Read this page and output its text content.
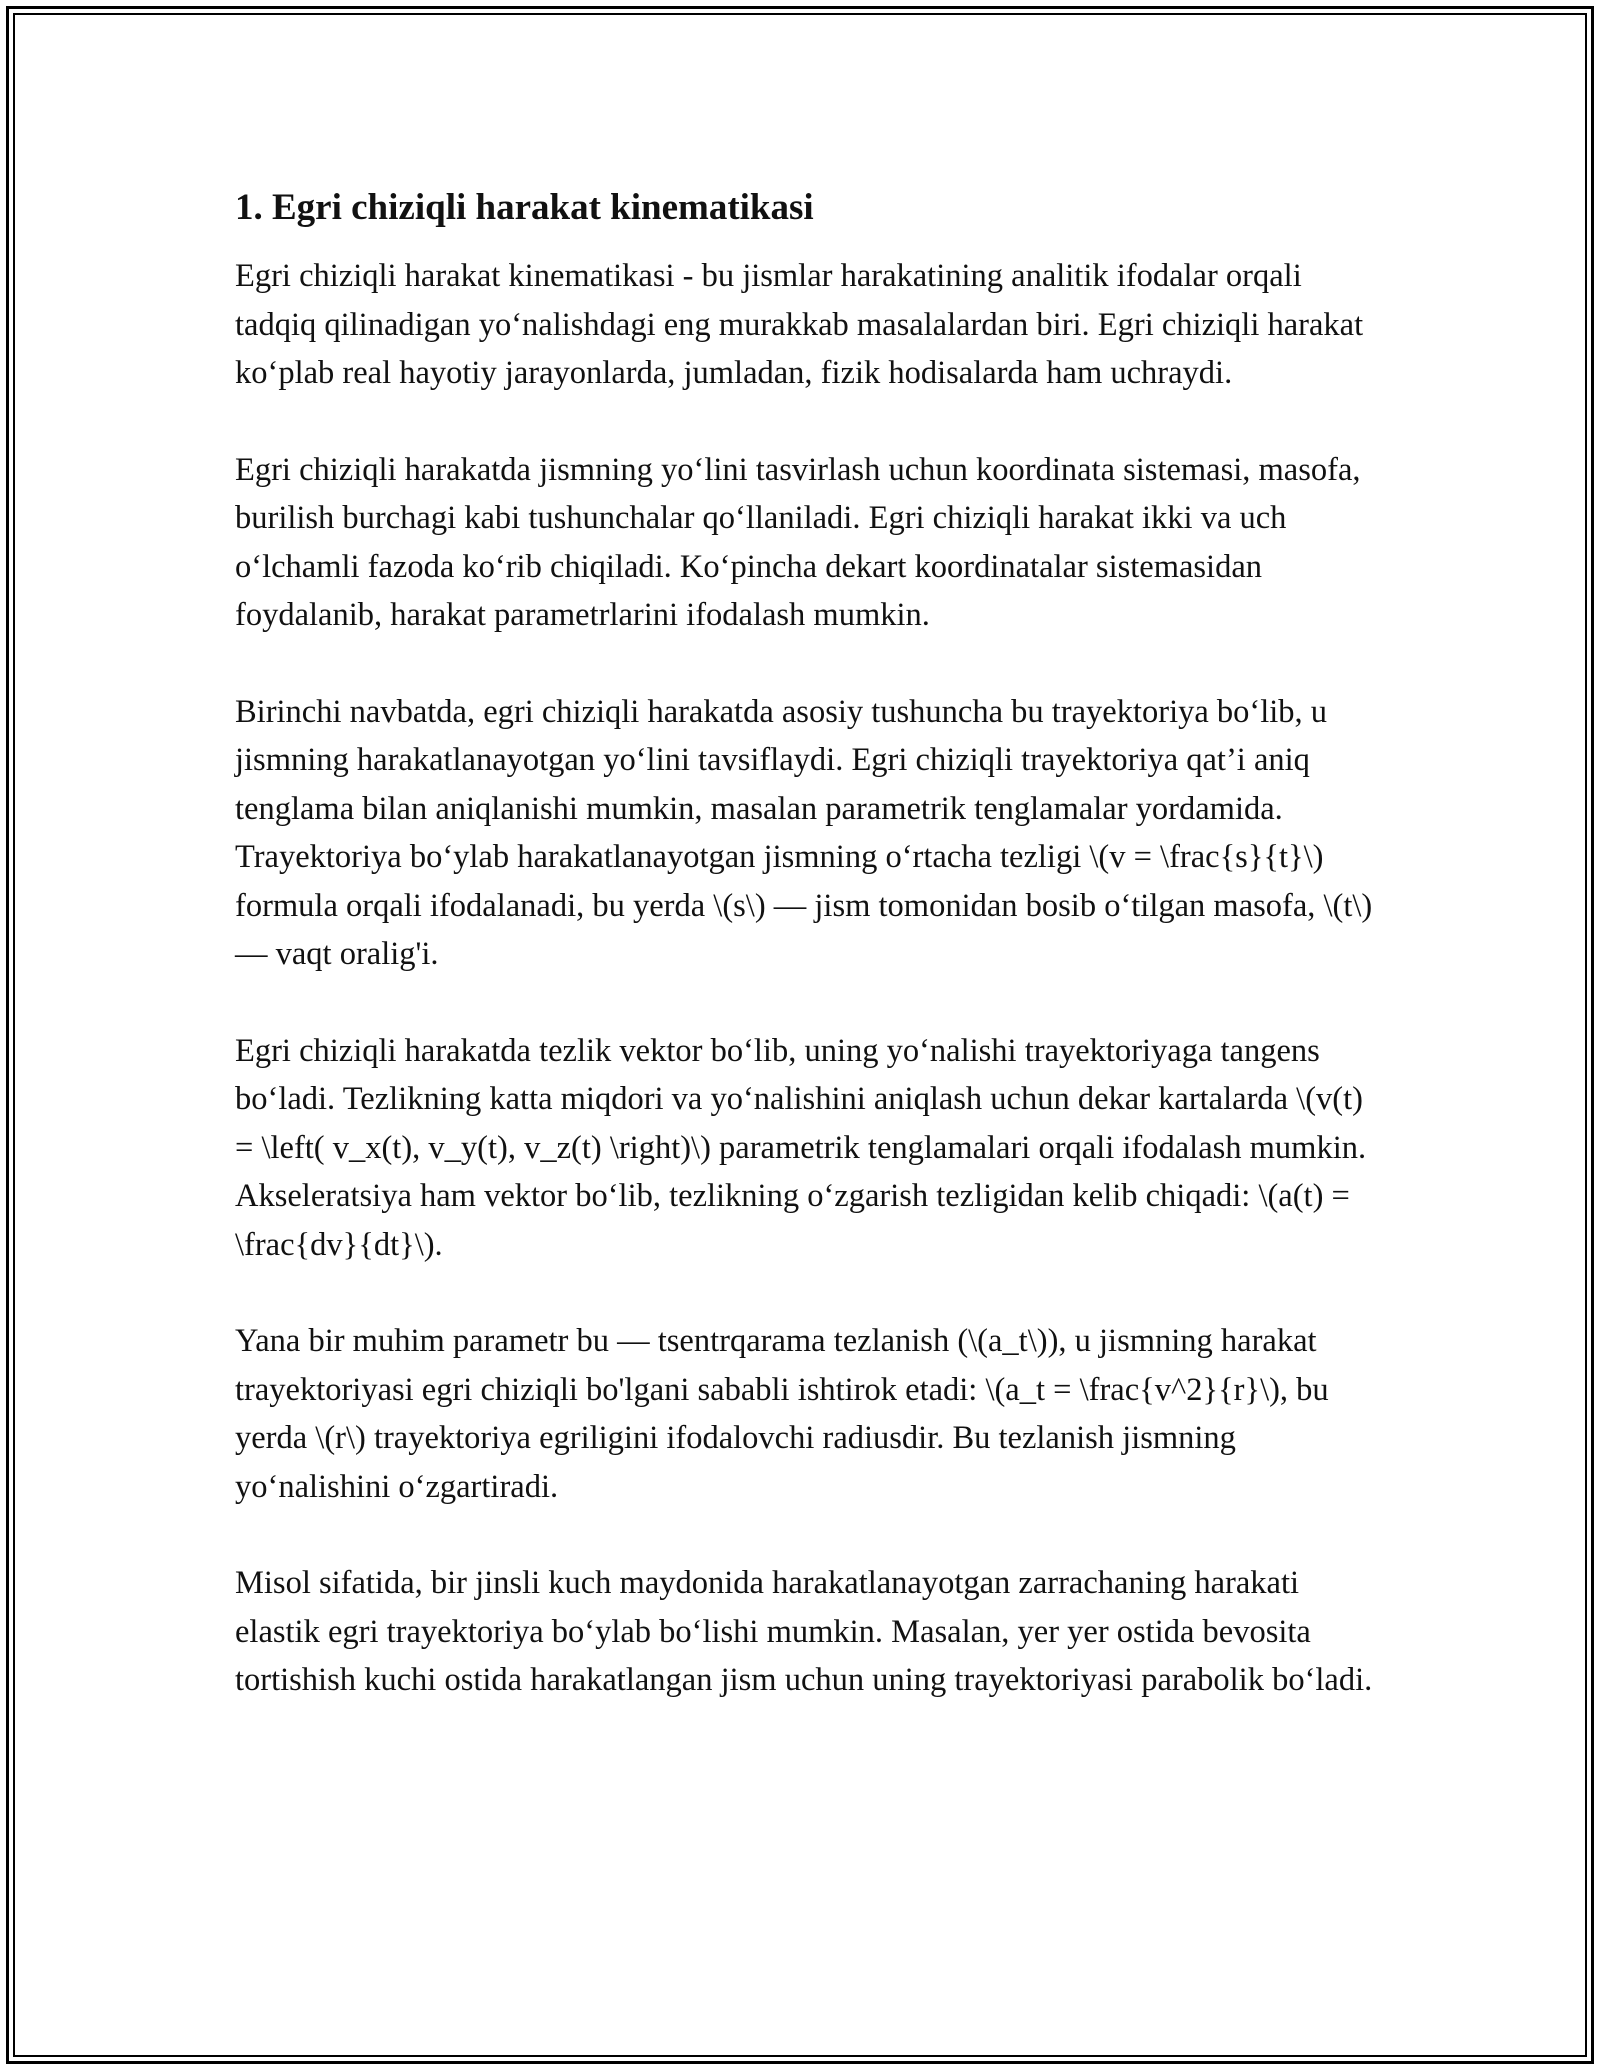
1. Egri chiziqli harakat kinematikasi

Egri chiziqli harakat kinematikasi - bu jismlar harakatining analitik ifodalar orqali tadqiq qilinadigan yo‘nalishdagi eng murakkab masalalardan biri. Egri chiziqli harakat ko‘plab real hayotiy jarayonlarda, jumladan, fizik hodisalarda ham uchraydi.

Egri chiziqli harakatda jismning yo‘lini tasvirlash uchun koordinata sistemasi, masofa, burilish burchagi kabi tushunchalar qo‘llaniladi. Egri chiziqli harakat ikki va uch o‘lchamli fazoda ko‘rib chiqiladi. Ko‘pincha dekart koordinatalar sistemasidan foydalanib, harakat parametrlarini ifodalash mumkin.

Birinchi navbatda, egri chiziqli harakatda asosiy tushuncha bu trayektoriya bo‘lib, u jismning harakatlanayotgan yo‘lini tavsiflaydi. Egri chiziqli trayektoriya qat’i aniq tenglama bilan aniqlanishi mumkin, masalan parametrik tenglamalar yordamida. Trayektoriya bo‘ylab harakatlanayotgan jismning o‘rtacha tezligi \(v = \frac{s}{t}\) formula orqali ifodalanadi, bu yerda \(s\) — jism tomonidan bosib o‘tilgan masofa, \(t\) — vaqt oralig'i.

Egri chiziqli harakatda tezlik vektor bo‘lib, uning yo‘nalishi trayektoriyaga tangens bo‘ladi. Tezlikning katta miqdori va yo‘nalishini aniqlash uchun dekar kartalarda \(v(t) = \left( v_x(t), v_y(t), v_z(t) \right)\) parametrik tenglamalari orqali ifodalash mumkin. Akseleratsiya ham vektor bo‘lib, tezlikning o‘zgarish tezligidan kelib chiqadi: \(a(t) = \frac{dv}{dt}\).

Yana bir muhim parametr bu — tsentrqarama tezlanish (\(a_t\)), u jismning harakat trayektoriyasi egri chiziqli bo'lgani sababli ishtirok etadi: \(a_t = \frac{v^2}{r}\), bu yerda \(r\) trayektoriya egriligini ifodalovchi radiusdir. Bu tezlanish jismning yo‘nalishini o‘zgartiradi.

Misol sifatida, bir jinsli kuch maydonida harakatlanayotgan zarrachaning harakati elastik egri trayektoriya bo‘ylab bo‘lishi mumkin. Masalan, yer yer ostida bevosita tortishish kuchi ostida harakatlangan jism uchun uning trayektoriyasi parabolik bo‘ladi.
